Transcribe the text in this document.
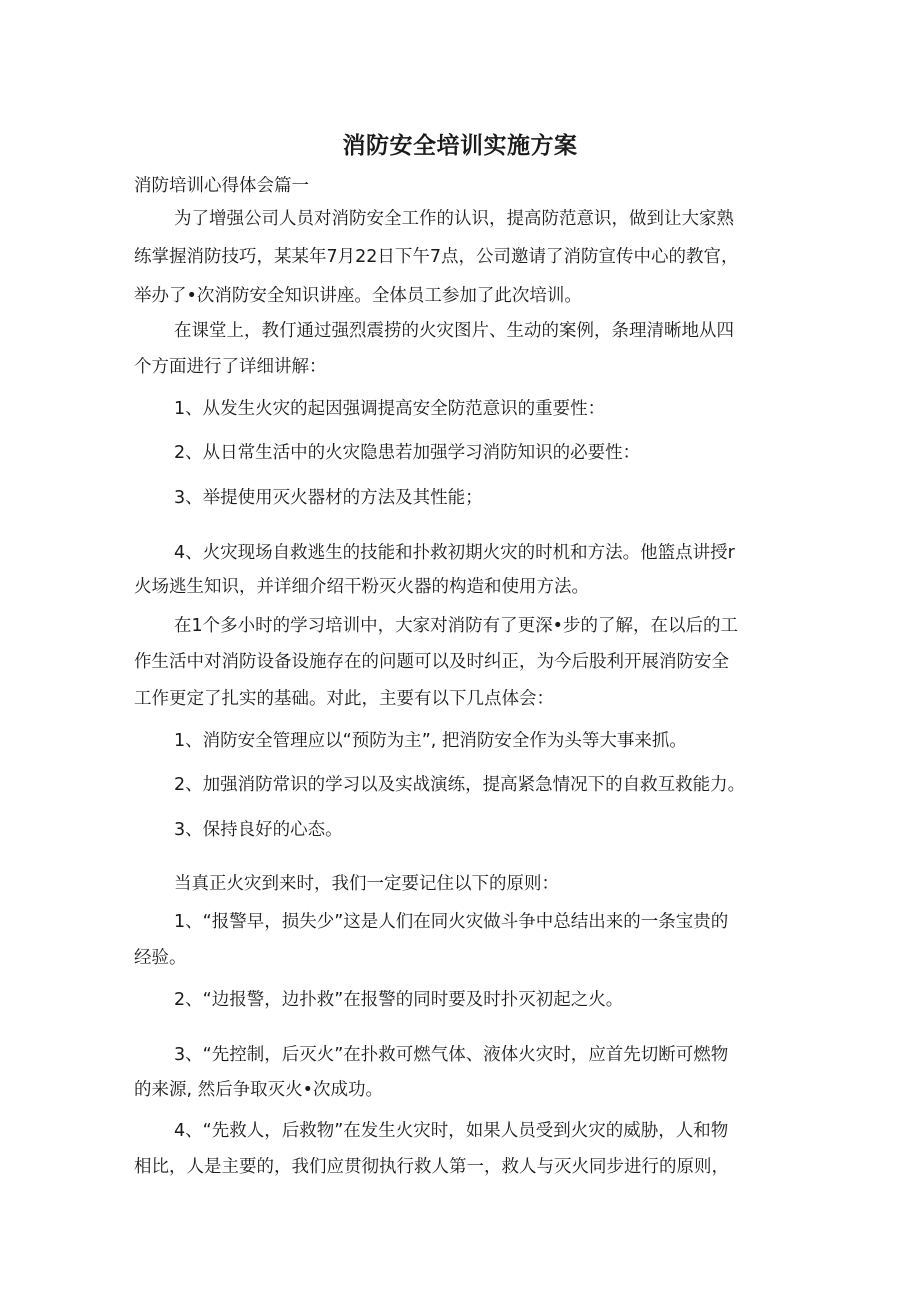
消防安全培训实施方案

消防培训心得体会篇一

为了增强公司人员对消防安全工作的认识，提高防范意识，做到让大家熟

练掌握消防技巧，某某年7月22日下午7点，公司邀请了消防宣传中心的教官，

举办了•次消防安全知识讲座。全体员工参加了此次培训。

在课堂上，教仃通过强烈震捞的火灾图片、生动的案例，条理清晰地从四

个方面进行了详细讲解：

1、从发生火灾的起因强调提高安全防范意识的重要性：

2、从日常生活中的火灾隐患若加强学习消防知识的必要性：

3、举提使用灭火器材的方法及其性能；

4、火灾现场自救逃生的技能和扑救初期火灾的时机和方法。他篮点讲授r

火场逃生知识，并详细介绍干粉灭火器的构造和使用方法。

在1个多小时的学习培训中，大家对消防有了更深•步的了解，在以后的工

作生活中对消防设备设施存在的问题可以及时纠正，为今后股利开展消防安全

工作更定了扎实的基础。对此，主要有以下几点体会：

1、消防安全管理应以“预防为主”, 把消防安全作为头等大事来抓。

2、加强消防常识的学习以及实战演练，提高紧急情况下的自救互救能力。

3、保持良好的心态。

当真正火灾到来时，我们一定要记住以下的原则：

1、“报警早，损失少”这是人们在同火灾做斗争中总结出来的一条宝贵的

经验。

2、“边报警，边扑救”在报警的同时要及时扑灭初起之火。

3、“先控制，后灭火”在扑救可燃气体、液体火灾时，应首先切断可燃物

的来源, 然后争取灭火•次成功。

4、“先救人，后救物”在发生火灾时，如果人员受到火灾的威胁，人和物

相比，人是主要的，我们应贯彻执行救人第一，救人与灭火同步进行的原则，
